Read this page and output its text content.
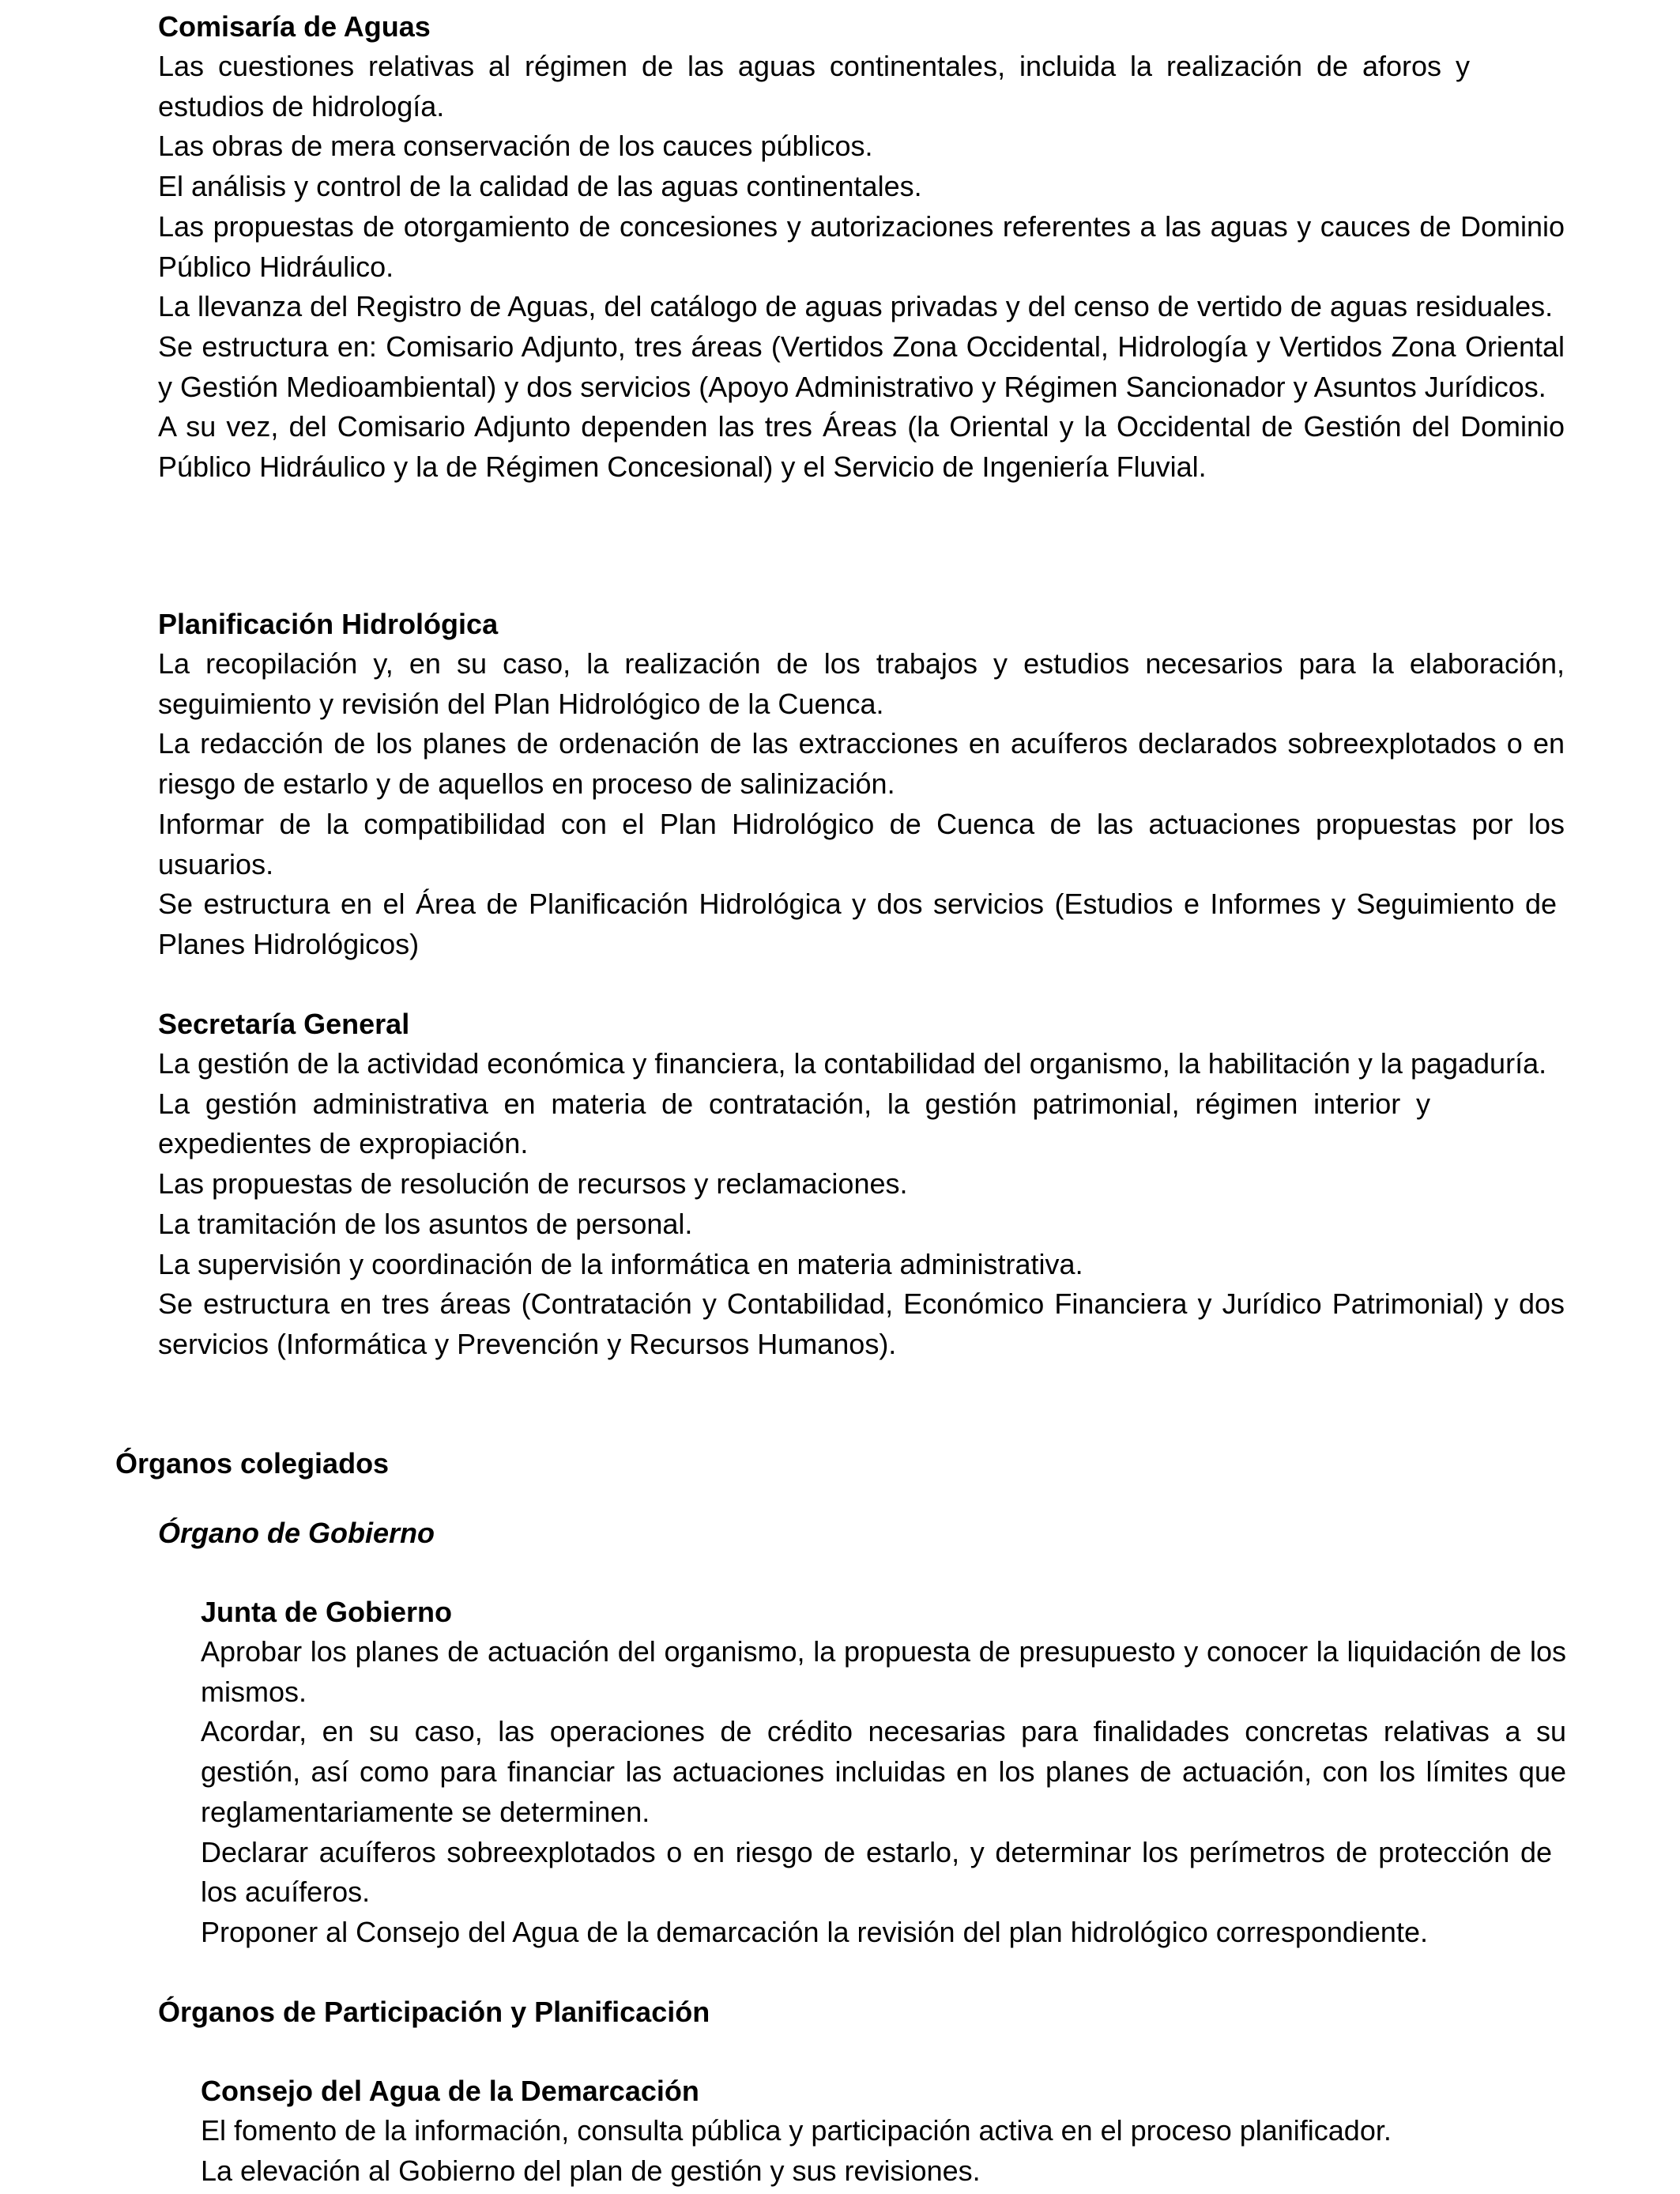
Comisaría de Aguas

Las cuestiones relativas al régimen de las aguas continentales, incluida la realización de aforos y estudios de hidrología.

Las obras de mera conservación de los cauces públicos.

El análisis y control de la calidad de las aguas continentales.

Las propuestas de otorgamiento de concesiones y autorizaciones referentes a las aguas y cauces de Dominio Público Hidráulico.

La llevanza del Registro de Aguas, del catálogo de aguas privadas y del censo de vertido de aguas residuales.

Se estructura en: Comisario Adjunto, tres áreas (Vertidos Zona Occidental, Hidrología y Vertidos Zona Oriental y Gestión Medioambiental) y dos servicios (Apoyo Administrativo y Régimen Sancionador y Asuntos Jurídicos.

A su vez, del Comisario Adjunto dependen las tres Áreas (la Oriental y la Occidental de Gestión del Dominio Público Hidráulico y la de Régimen Concesional) y el Servicio de Ingeniería Fluvial.

Planificación Hidrológica

La recopilación y, en su caso, la realización de los trabajos y estudios necesarios para la elaboración, seguimiento y revisión del Plan Hidrológico de la Cuenca.

La redacción de los planes de ordenación de las extracciones en acuíferos declarados sobreexplotados o en riesgo de estarlo y de aquellos en proceso de salinización.

Informar de la compatibilidad con el Plan Hidrológico de Cuenca de las actuaciones propuestas por los usuarios.

Se estructura en el Área de Planificación Hidrológica y dos servicios (Estudios e Informes y Seguimiento de Planes Hidrológicos)

Secretaría General

La gestión de la actividad económica y financiera, la contabilidad del organismo, la habilitación y la pagaduría.

La gestión administrativa en materia de contratación, la gestión patrimonial, régimen interior y expedientes de expropiación.

Las propuestas de resolución de recursos y reclamaciones.

La tramitación de los asuntos de personal.

La supervisión y coordinación de la informática en materia administrativa.

Se estructura en tres áreas (Contratación y Contabilidad, Económico Financiera y Jurídico Patrimonial) y dos servicios (Informática y Prevención y Recursos Humanos).

Órganos colegiados

Órgano de Gobierno

Junta de Gobierno

Aprobar los planes de actuación del organismo, la propuesta de presupuesto y conocer la liquidación de los mismos.

Acordar, en su caso, las operaciones de crédito necesarias para finalidades concretas relativas a su gestión, así como para financiar las actuaciones incluidas en los planes de actuación, con los límites que reglamentariamente se determinen.

Declarar acuíferos sobreexplotados o en riesgo de estarlo, y determinar los perímetros de protección de los acuíferos.

Proponer al Consejo del Agua de la demarcación la revisión del plan hidrológico correspondiente.

Órganos de Participación y Planificación

Consejo del Agua de la Demarcación

El fomento de la información, consulta pública y participación activa en el proceso planificador.

La elevación al Gobierno del plan de gestión y sus revisiones.
